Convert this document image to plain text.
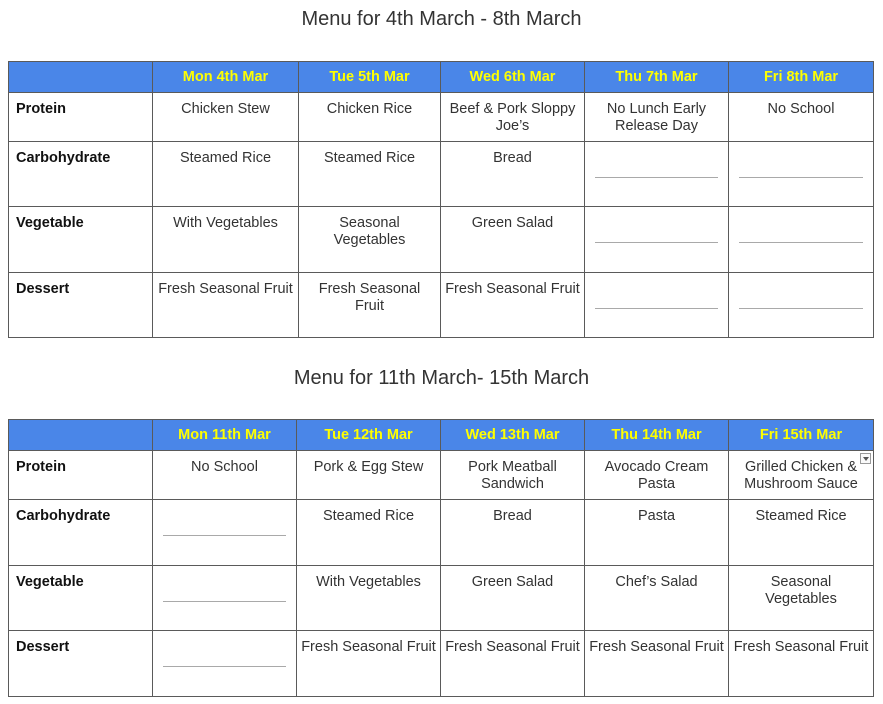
Menu for 4th March - 8th March
	Mon 4th Mar	Tue 5th Mar	Wed 6th Mar	Thu 7th Mar	Fri 8th Mar
Protein	Chicken Stew	Chicken Rice	Beef & Pork Sloppy Joe’s	No Lunch Early Release Day	No School
Carbohydrate	Steamed Rice	Steamed Rice	Bread	

Vegetable	With Vegetables	Seasonal Vegetables	Green Salad	

Dessert	Fresh Seasonal Fruit	Fresh Seasonal Fruit	Fresh Seasonal Fruit	

Menu for 11th March- 15th March
	Mon 11th Mar	Tue 12th Mar	Wed 13th Mar	Thu 14th Mar	Fri 15th Mar
Protein	No School	Pork & Egg Stew	Pork Meatball Sandwich	Avocado Cream Pasta	Grilled Chicken & Mushroom Sauce

Carbohydrate		Steamed Rice	Bread	Pasta	Steamed Rice
Vegetable		With Vegetables	Green Salad	Chef’s Salad	Seasonal Vegetables
Dessert		Fresh Seasonal Fruit	Fresh Seasonal Fruit	Fresh Seasonal Fruit	Fresh Seasonal Fruit
